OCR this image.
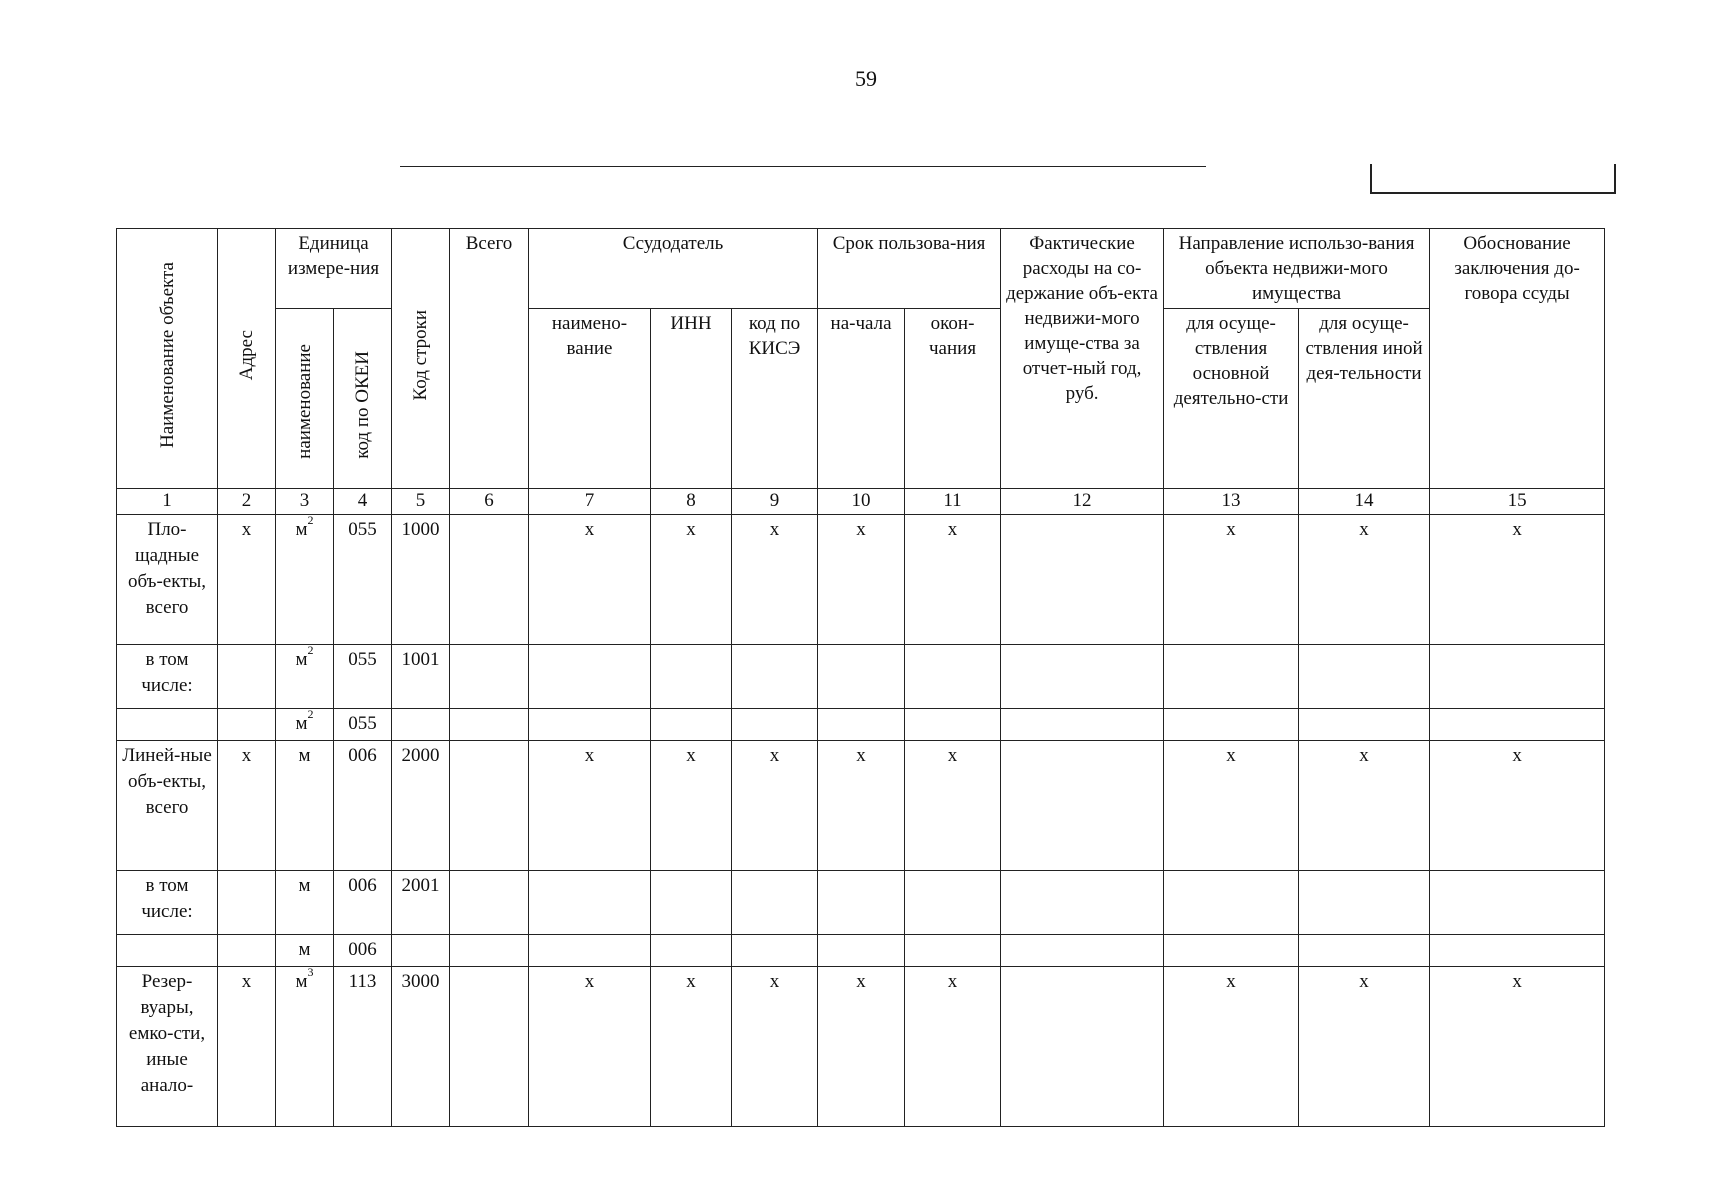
59
Наименование объекта	Адрес	Единица измере-ния		Код строки	Всего	Ссудодатель			Срок пользова-ния		Фактические расходы на со-держание объ-екта недвижи-мого имуще-ства за отчет-ный год, руб.	Направление использо-вания объекта недвижи-мого имущества		Обоснование заключения до-говора ссуды
		наименование	код по ОКЕИ			наимено-вание	ИНН	код по КИСЭ	на-чала	окон-чания		для осуще-ствления основной деятельно-сти	для осуще-ствления иной дея-тельности	
1	2	3	4	5	6	7	8	9	10	11	12	13	14	15
Пло-щадные объ-екты, всего	x	$м^2$	055	1000		x	x	x	x	x		x	x	x
в том числе:		$м^2$	055	1001										
		$м^2$	055											
Линей-ные объ-екты, всего	x	м	006	2000		x	x	x	x	x		x	x	x
в том числе:		м	006	2001										
		м	006											
Резер-вуары, емко-сти, иные анало-	x	$м^3$	113	3000		x	x	x	x	x		x	x	x
